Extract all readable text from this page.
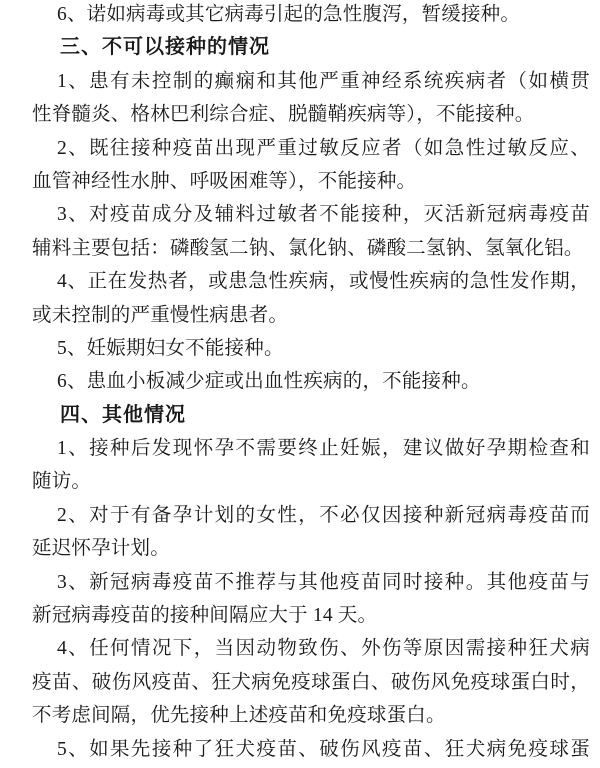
6、诺如病毒或其它病毒引起的急性腹泻，暂缓接种。
三、不可以接种的情况
1、患有未控制的癫痫和其他严重神经系统疾病者（如横贯
性脊髓炎、格林巴利综合症、脱髓鞘疾病等），不能接种。
2、既往接种疫苗出现严重过敏反应者（如急性过敏反应、
血管神经性水肿、呼吸困难等），不能接种。
3、对疫苗成分及辅料过敏者不能接种，灭活新冠病毒疫苗
辅料主要包括：磷酸氢二钠、氯化钠、磷酸二氢钠、氢氧化铝。
4、正在发热者，或患急性疾病，或慢性疾病的急性发作期，
或未控制的严重慢性病患者。
5、妊娠期妇女不能接种。
6、患血小板减少症或出血性疾病的，不能接种。
四、其他情况
1、接种后发现怀孕不需要终止妊娠，建议做好孕期检查和
随访。
2、对于有备孕计划的女性，不必仅因接种新冠病毒疫苗而
延迟怀孕计划。
3、新冠病毒疫苗不推荐与其他疫苗同时接种。其他疫苗与
新冠病毒疫苗的接种间隔应大于 14 天。
4、任何情况下，当因动物致伤、外伤等原因需接种狂犬病
疫苗、破伤风疫苗、狂犬病免疫球蛋白、破伤风免疫球蛋白时，
不考虑间隔，优先接种上述疫苗和免疫球蛋白。
5、如果先接种了狂犬疫苗、破伤风疫苗、狂犬病免疫球蛋
